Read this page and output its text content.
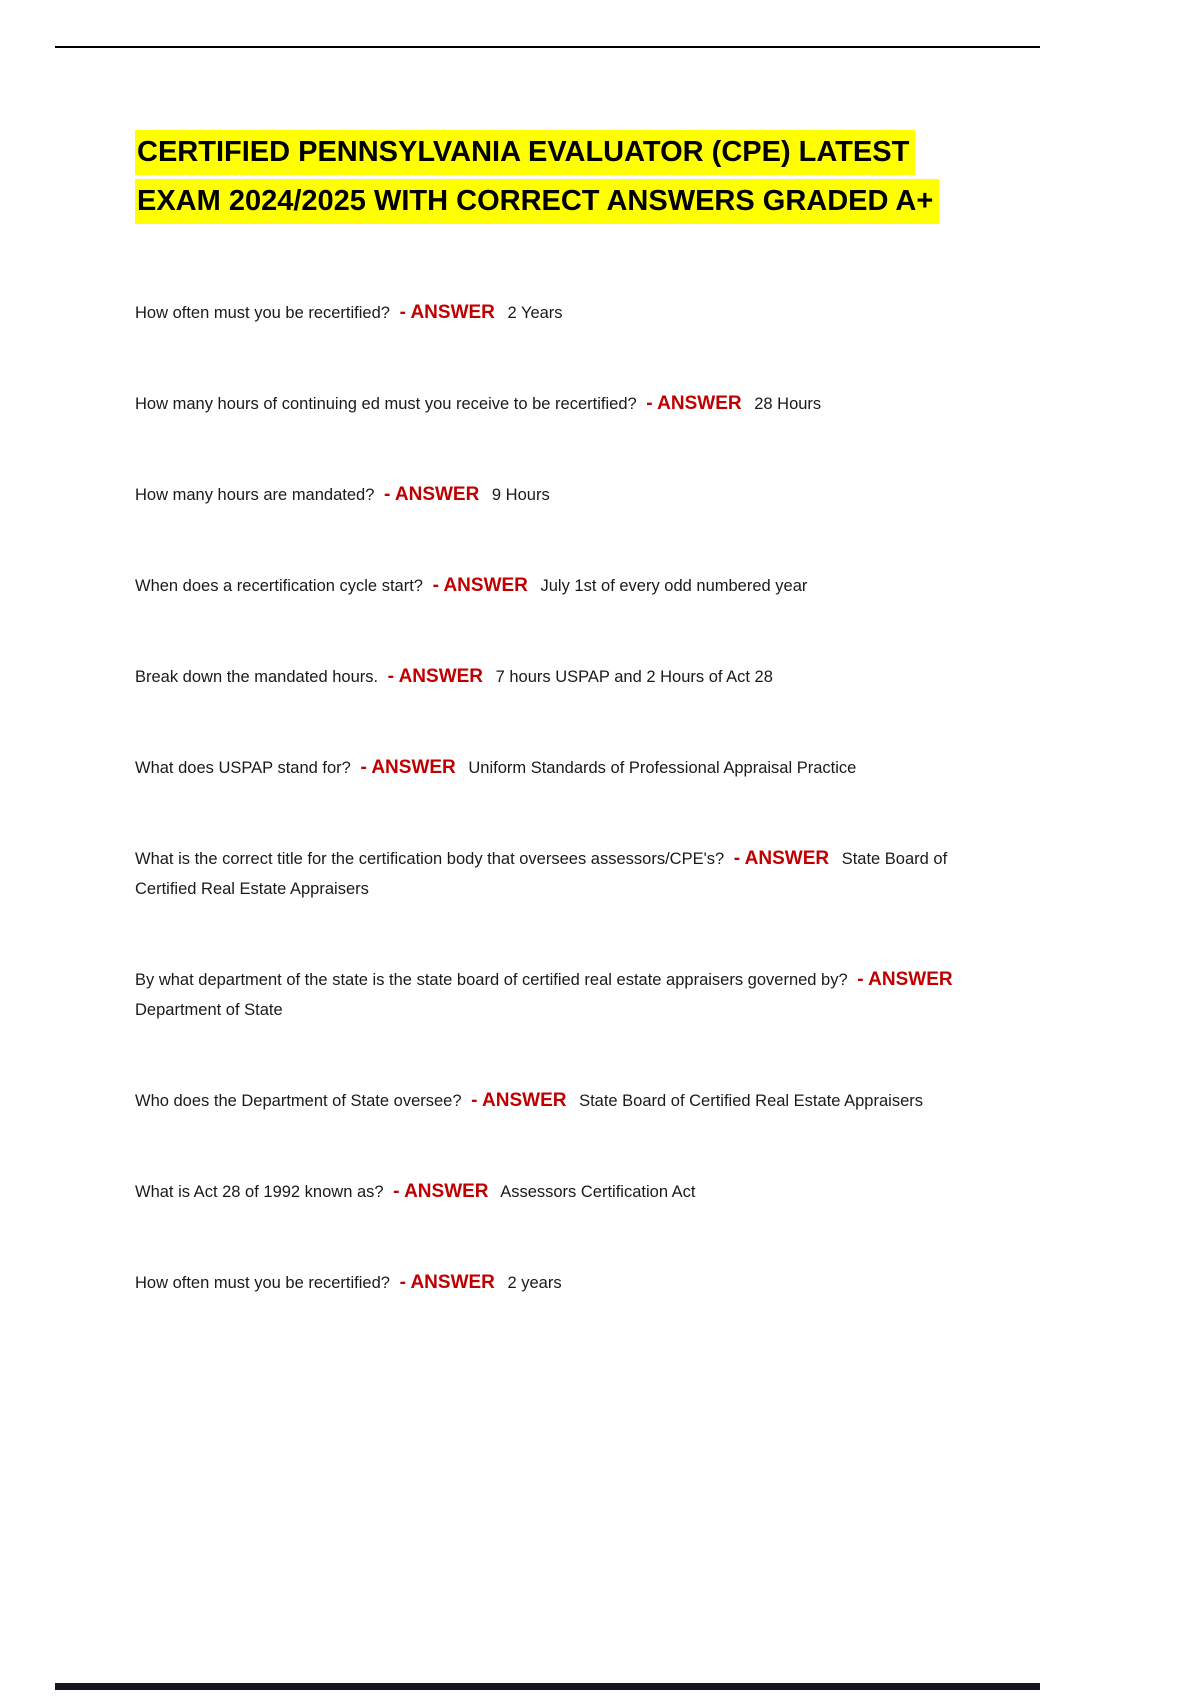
CERTIFIED PENNSYLVANIA EVALUATOR (CPE) LATEST
EXAM 2024/2025 WITH CORRECT ANSWERS GRADED A+
How often must you be recertified? - ANSWER 2 Years
How many hours of continuing ed must you receive to be recertified? - ANSWER 28 Hours
How many hours are mandated? - ANSWER 9 Hours
When does a recertification cycle start? - ANSWER July 1st of every odd numbered year
Break down the mandated hours. - ANSWER 7 hours USPAP and 2 Hours of Act 28
What does USPAP stand for? - ANSWER Uniform Standards of Professional Appraisal Practice
What is the correct title for the certification body that oversees assessors/CPE's? - ANSWER State Board of Certified Real Estate Appraisers
By what department of the state is the state board of certified real estate appraisers governed by? - ANSWER Department of State
Who does the Department of State oversee? - ANSWER State Board of Certified Real Estate Appraisers
What is Act 28 of 1992 known as? - ANSWER Assessors Certification Act
How often must you be recertified? - ANSWER 2 years
